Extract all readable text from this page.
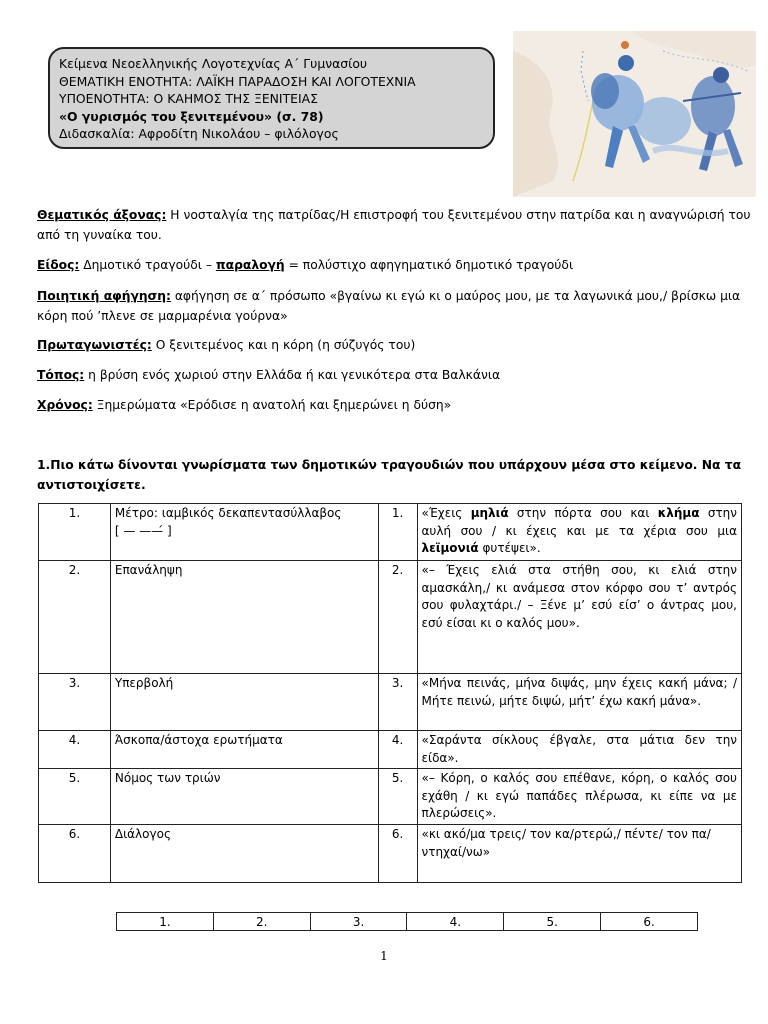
Κείμενα Νεοελληνικής Λογοτεχνίας Α΄ Γυμνασίου
ΘΕΜΑΤΙΚΗ ΕΝΟΤΗΤΑ: ΛΑΪΚΗ ΠΑΡΑΔΟΣΗ ΚΑΙ ΛΟΓΟΤΕΧΝΙΑ
ΥΠΟΕΝΟΤΗΤΑ: Ο ΚΑΗΜΟΣ ΤΗΣ ΞΕΝΙΤΕΙΑΣ
«Ο γυρισμός του ξενιτεμένου» (σ. 78)
Διδασκαλία: Αφροδίτη Νικολάου – φιλόλογος
Θεματικός άξονας: Η νοσταλγία της πατρίδας/Η επιστροφή του ξενιτεμένου στην πατρίδα και η αναγνώρισή του από τη γυναίκα του.
Είδος: Δημοτικό τραγούδι – παραλογή = πολύστιχο αφηγηματικό δημοτικό τραγούδι
Ποιητική αφήγηση: αφήγηση σε α΄ πρόσωπο «βγαίνω κι εγώ κι ο μαύρος μου, με τα λαγωνικά μου,/ βρίσκω μια κόρη πού ’πλενε σε μαρμαρένια γούρνα»
Πρωταγωνιστές: Ο ξενιτεμένος και η κόρη (η σύζυγός του)
Τόπος: η βρύση ενός χωριού στην Ελλάδα ή και γενικότερα στα Βαλκάνια
Χρόνος: Ξημερώματα «Ερόδισε η ανατολή και ξημερώνει η δύση»
1.Πιο κάτω δίνονται γνωρίσματα των δημοτικών τραγουδιών που υπάρχουν μέσα στο κείμενο. Να τα αντιστοιχίσετε.
1.	Μέτρο: ιαμβικός δεκαπεντασύλλαβος
[ — ——́ ]	1.	«Έχεις μηλιά στην πόρτα σου και κλήμα στην αυλή σου / κι έχεις και με τα χέρια σου μια λεϊμονιά φυτέψει».
2.	Επανάληψη	2.	«– Έχεις ελιά στα στήθη σου, κι ελιά στην αμασκάλη,/ κι ανάμεσα στον κόρφο σου τ’ αντρός σου φυλαχτάρι./ – Ξένε μ’ εσύ είσ’ ο άντρας μου, εσύ είσαι κι ο καλός μου».
3.	Υπερβολή	3.	«Μήνα πεινάς, μήνα διψάς, μην έχεις κακή μάνα; / Μήτε πεινώ, μήτε διψώ, μήτ’ έχω κακή μάνα».
4.	Άσκοπα/άστοχα ερωτήματα	4.	«Σαράντα σίκλους έβγαλε, στα μάτια δεν την είδα».
5.	Νόμος των τριών	5.	«– Κόρη, ο καλός σου επέθανε, κόρη, ο καλός σου εχάθη / κι εγώ παπάδες πλέρωσα, κι είπε να με πλερώσεις».
6.	Διάλογος	6.	«κι ακό/μα τρεις/ τον κα/ρτερώ,/ πέντε/ τον πα/ντηχαί/νω»
1.	2.	3.	4.	5.	6.
1
